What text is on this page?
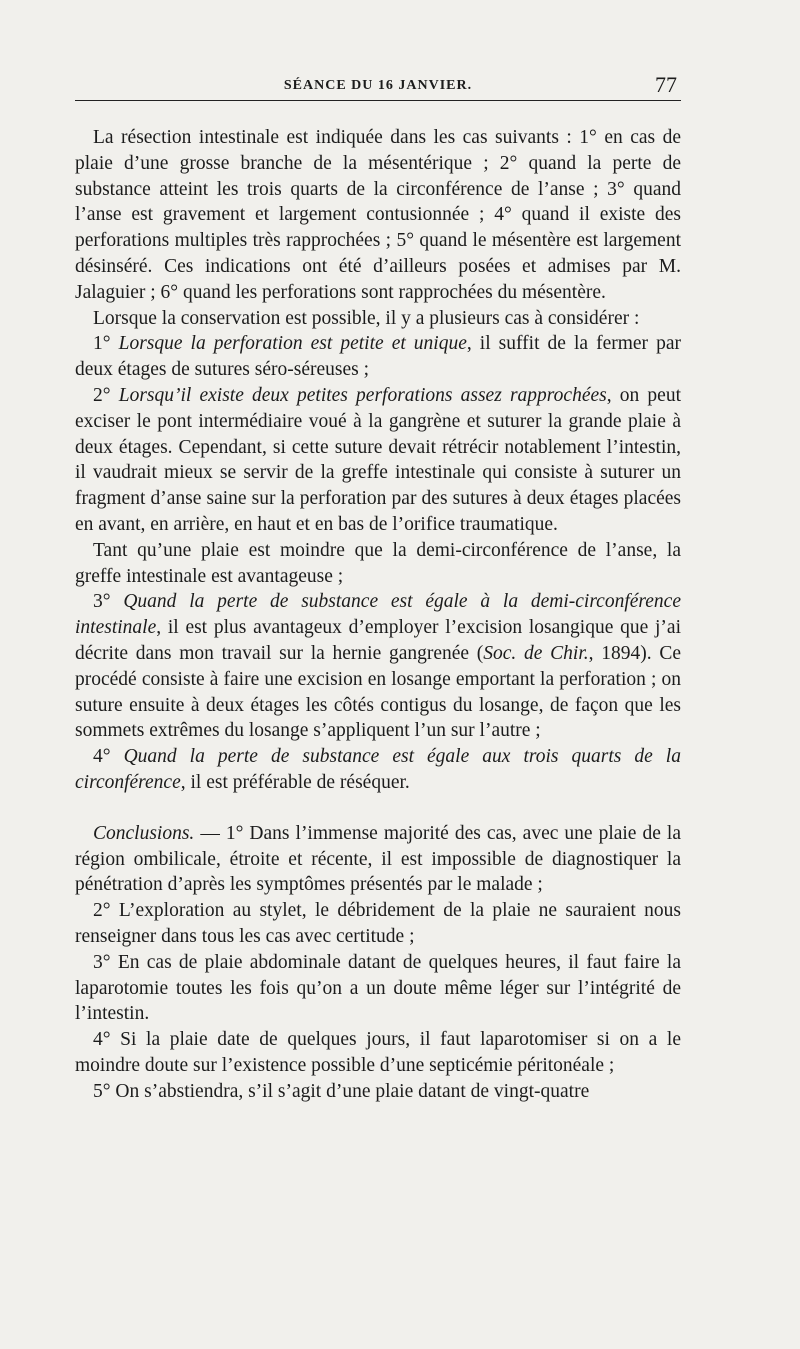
SÉANCE DU 16 JANVIER.	77

La résection intestinale est indiquée dans les cas suivants : 1° en cas de plaie d’une grosse branche de la mésentérique ; 2° quand la perte de substance atteint les trois quarts de la circonférence de l’anse ; 3° quand l’anse est gravement et largement contusionnée ; 4° quand il existe des perforations multiples très rapprochées ; 5° quand le mésentère est largement désinséré. Ces indications ont été d’ailleurs posées et admises par M. Jalaguier ; 6° quand les perforations sont rapprochées du mésentère.

Lorsque la conservation est possible, il y a plusieurs cas à considérer :

1° Lorsque la perforation est petite et unique, il suffit de la fermer par deux étages de sutures séro-séreuses ;

2° Lorsqu’il existe deux petites perforations assez rapprochées, on peut exciser le pont intermédiaire voué à la gangrène et suturer la grande plaie à deux étages. Cependant, si cette suture devait rétrécir notablement l’intestin, il vaudrait mieux se servir de la greffe intestinale qui consiste à suturer un fragment d’anse saine sur la perforation par des sutures à deux étages placées en avant, en arrière, en haut et en bas de l’orifice traumatique.

Tant qu’une plaie est moindre que la demi-circonférence de l’anse, la greffe intestinale est avantageuse ;

3° Quand la perte de substance est égale à la demi-circonférence intestinale, il est plus avantageux d’employer l’excision losangique que j’ai décrite dans mon travail sur la hernie gangrenée (Soc. de Chir., 1894). Ce procédé consiste à faire une excision en losange emportant la perforation ; on suture ensuite à deux étages les côtés contigus du losange, de façon que les sommets extrêmes du losange s’appliquent l’un sur l’autre ;

4° Quand la perte de substance est égale aux trois quarts de la circonférence, il est préférable de réséquer.

Conclusions. — 1° Dans l’immense majorité des cas, avec une plaie de la région ombilicale, étroite et récente, il est impossible de diagnostiquer la pénétration d’après les symptômes présentés par le malade ;

2° L’exploration au stylet, le débridement de la plaie ne sauraient nous renseigner dans tous les cas avec certitude ;

3° En cas de plaie abdominale datant de quelques heures, il faut faire la laparotomie toutes les fois qu’on a un doute même léger sur l’intégrité de l’intestin.

4° Si la plaie date de quelques jours, il faut laparotomiser si on a le moindre doute sur l’existence possible d’une septicémie péritonéale ;

5° On s’abstiendra, s’il s’agit d’une plaie datant de vingt-quatre
